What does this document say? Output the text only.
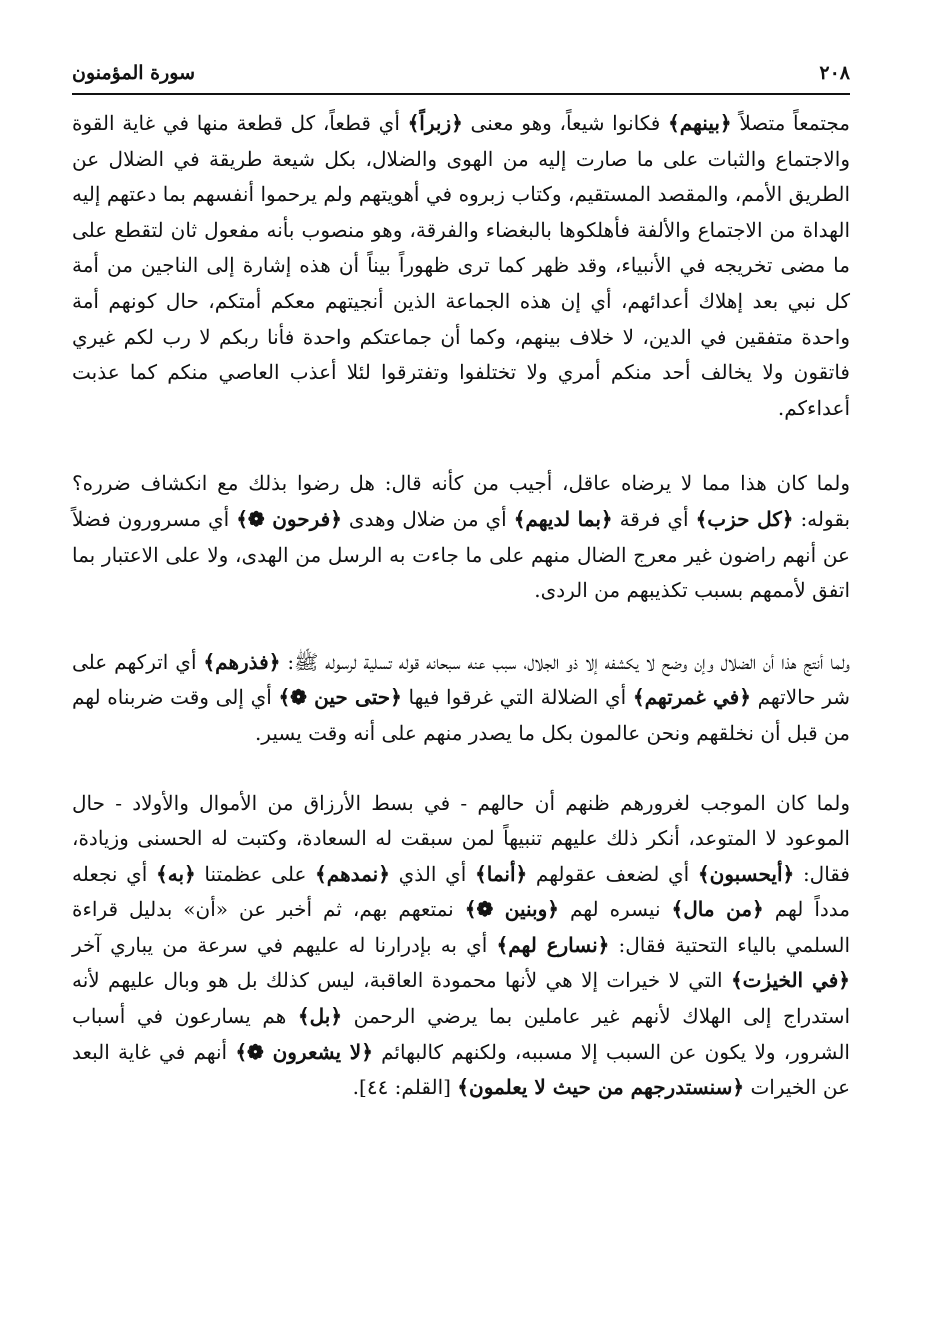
٢٠٨
سورة المؤمنون

مجتمعاً متصلاً ﴿بينهم﴾ فكانوا شيعاً، وهو معنى ﴿زبراً﴾ أي قطعاً، كل قطعة منها في غاية القوة والاجتماع والثبات على ما صارت إليه من الهوى والضلال، بكل شيعة طريقة في الضلال عن الطريق الأمم، والمقصد المستقيم، وكتاب زبروه في أهويتهم ولم يرحموا أنفسهم بما دعتهم إليه الهداة من الاجتماع والألفة فأهلكوها بالبغضاء والفرقة، وهو منصوب بأنه مفعول ثان لتقطع على ما مضى تخريجه في الأنبياء، وقد ظهر كما ترى ظهوراً بيناً أن هذه إشارة إلى الناجين من أمة كل نبي بعد إهلاك أعدائهم، أي إن هذه الجماعة الذين أنجيتهم معكم أمتكم، حال كونهم أمة واحدة متفقين في الدين، لا خلاف بينهم، وكما أن جماعتكم واحدة فأنا ربكم لا رب لكم غيري فاتقون ولا يخالف أحد منكم أمري ولا تختلفوا وتفترقوا لئلا أعذب العاصي منكم كما عذبت أعداءكم.

ولما كان هذا مما لا يرضاه عاقل، أجيب من كأنه قال: هل رضوا بذلك مع انكشاف ضرره؟ بقوله: ﴿كل حزب﴾ أي فرقة ﴿بما لديهم﴾ أي من ضلال وهدى ﴿فرحون ❁﴾ أي مسرورون فضلاً عن أنهم راضون غير معرج الضال منهم على ما جاءت به الرسل من الهدى، ولا على الاعتبار بما اتفق لأممهم بسبب تكذيبهم من الردى.

ولما أنتج هذا أن الضلال وإن وضح لا يكشفه إلا ذو الجلال، سبب عنه سبحانه قوله تسلية لرسوله ﷺ: ﴿فذرهم﴾ أي اتركهم على شر حالاتهم ﴿في غمرتهم﴾ أي الضلالة التي غرقوا فيها ﴿حتى حين ❁﴾ أي إلى وقت ضربناه لهم من قبل أن نخلقهم ونحن عالمون بكل ما يصدر منهم على أنه وقت يسير.

ولما كان الموجب لغرورهم ظنهم أن حالهم - في بسط الأرزاق من الأموال والأولاد - حال الموعود لا المتوعد، أنكر ذلك عليهم تنبيهاً لمن سبقت له السعادة، وكتبت له الحسنى وزيادة، فقال: ﴿أيحسبون﴾ أي لضعف عقولهم ﴿أنما﴾ أي الذي ﴿نمدهم﴾ على عظمتنا ﴿به﴾ أي نجعله مدداً لهم ﴿من مال﴾ نيسره لهم ﴿وبنين ❁﴾ نمتعهم بهم، ثم أخبر عن «أن» بدليل قراءة السلمي بالياء التحتية فقال: ﴿نسارع لهم﴾ أي به بإدرارنا له عليهم في سرعة من يباري آخر ﴿في الخيرٰت﴾ التي لا خيرات إلا هي لأنها محمودة العاقبة، ليس كذلك بل هو وبال عليهم لأنه استدراج إلى الهلاك لأنهم غير عاملين بما يرضي الرحمن ﴿بل﴾ هم يسارعون في أسباب الشرور، ولا يكون عن السبب إلا مسببه، ولكنهم كالبهائم ﴿لا يشعرون ❁﴾ أنهم في غاية البعد عن الخيرات ﴿سنستدرجهم من حيث لا يعلمون﴾ [القلم: ٤٤].
